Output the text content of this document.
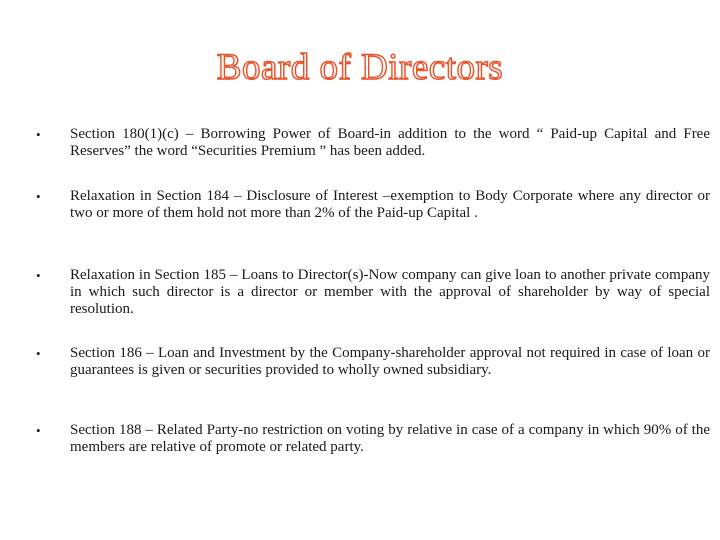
Board of Directors
•	Section 180(1)(c) – Borrowing Power of Board-in addition to the word “ Paid-up Capital and Free Reserves” the word “Securities Premium ” has been added.
•	Relaxation in Section 184 – Disclosure of Interest –exemption to Body Corporate where any director or two or more of them hold not more than 2% of the Paid-up Capital .
•	Relaxation in Section 185 – Loans to Director(s)-Now company can give loan to another private company in which such director is a director or member with the approval of shareholder by way of special resolution.
•	Section 186 – Loan and Investment by the Company-shareholder approval not required in case of loan or guarantees is given or securities provided to wholly owned subsidiary.
•	Section 188 – Related Party-no restriction on voting by relative in case of a company in which 90% of the members are relative of promote or related party.
